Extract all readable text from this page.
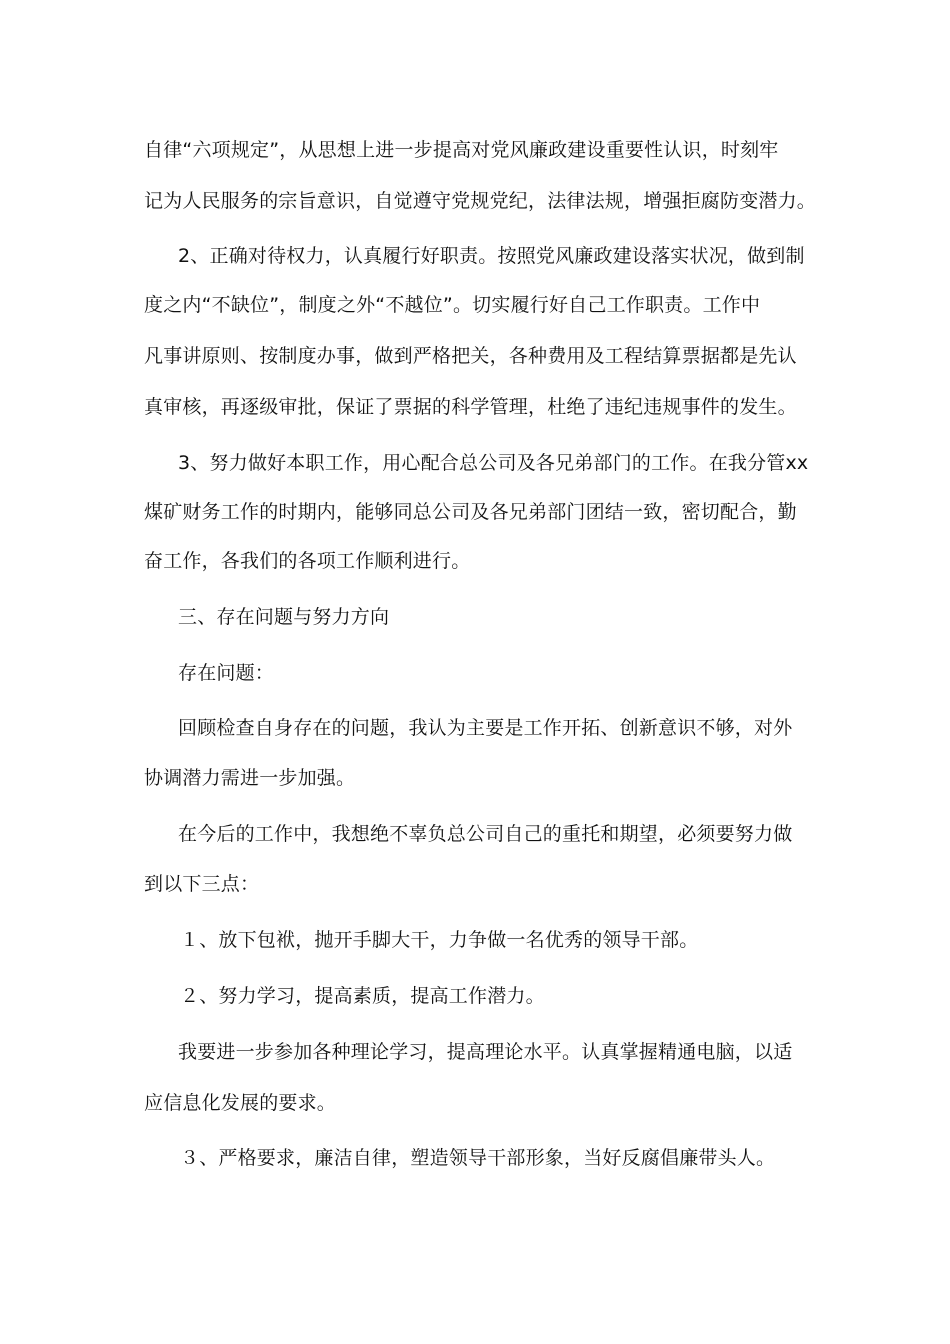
自律“六项规定”，从思想上进一步提高对党风廉政建设重要性认识，时刻牢
记为人民服务的宗旨意识，自觉遵守党规党纪，法律法规，增强拒腐防变潜力。
2、正确对待权力，认真履行好职责。按照党风廉政建设落实状况，做到制
度之内“不缺位”，制度之外“不越位”。切实履行好自己工作职责。工作中
凡事讲原则、按制度办事，做到严格把关，各种费用及工程结算票据都是先认
真审核，再逐级审批，保证了票据的科学管理，杜绝了违纪违规事件的发生。
3、努力做好本职工作，用心配合总公司及各兄弟部门的工作。在我分管xx
煤矿财务工作的时期内，能够同总公司及各兄弟部门团结一致，密切配合，勤
奋工作，各我们的各项工作顺利进行。
三、存在问题与努力方向
存在问题：
回顾检查自身存在的问题，我认为主要是工作开拓、创新意识不够，对外
协调潜力需进一步加强。
在今后的工作中，我想绝不辜负总公司自己的重托和期望，必须要努力做
到以下三点：
１、放下包袱，抛开手脚大干，力争做一名优秀的领导干部。
２、努力学习，提高素质，提高工作潜力。
我要进一步参加各种理论学习，提高理论水平。认真掌握精通电脑，以适
应信息化发展的要求。
３、严格要求，廉洁自律，塑造领导干部形象，当好反腐倡廉带头人。
